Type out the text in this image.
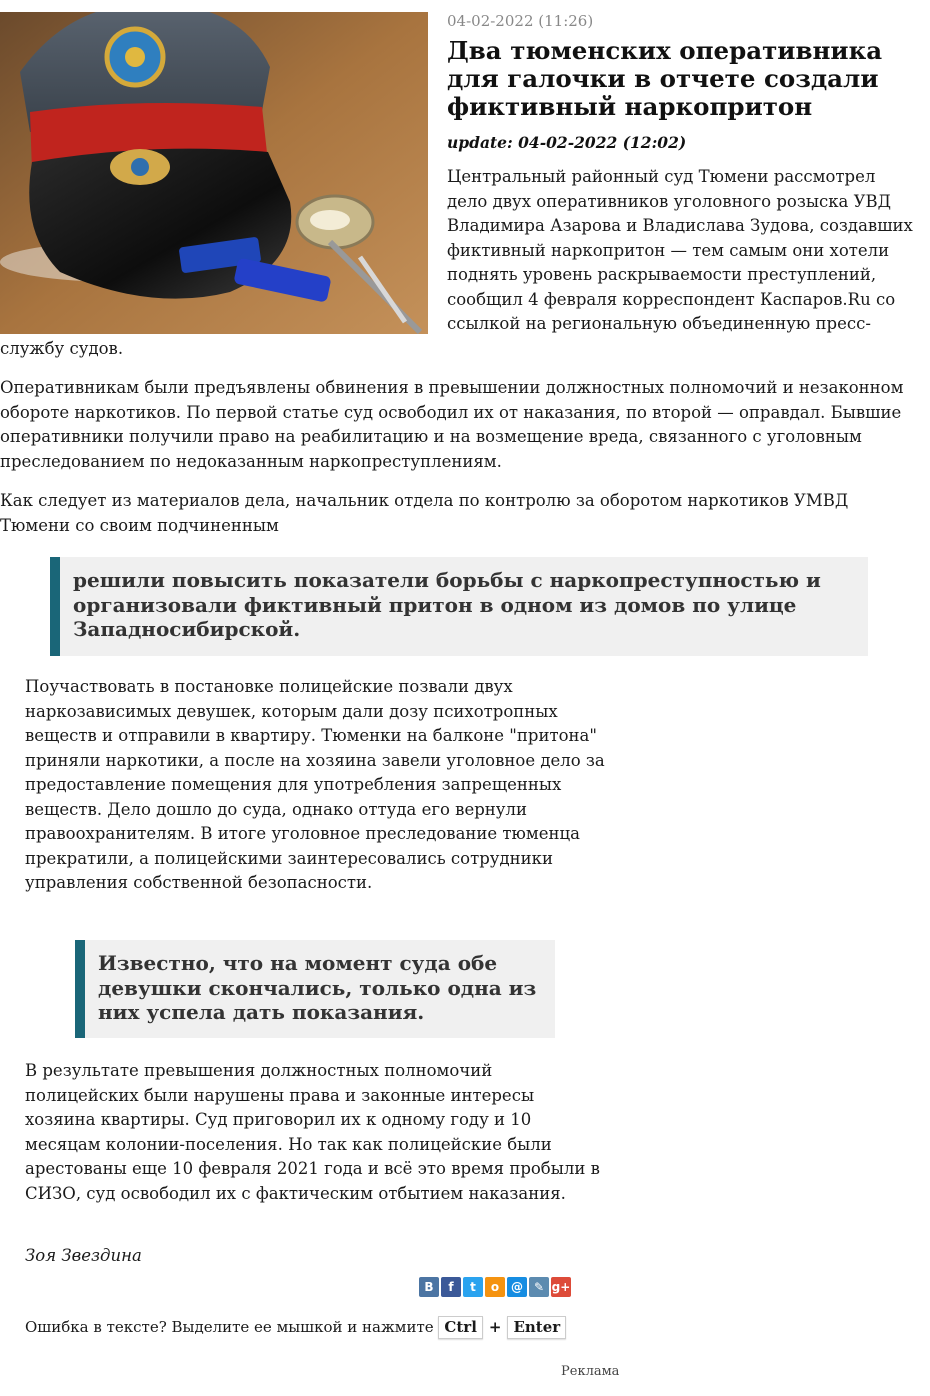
04-02-2022 (11:26)

Два тюменских оперативника для галочки в отчете создали фиктивный наркопритон

update: 04-02-2022 (12:02)

Центральный районный суд Тюмени рассмотрел дело двух оперативников уголовного розыска УВД Владимира Азарова и Владислава Зудова, создавших фиктивный наркопритон — тем самым они хотели поднять уровень раскрываемости преступлений, сообщил 4 февраля корреспондент Каспаров.Ru со ссылкой на региональную объединенную пресс-службу судов.

Оперативникам были предъявлены обвинения в превышении должностных полномочий и незаконном обороте наркотиков. По первой статье суд освободил их от наказания, по второй — оправдал. Бывшие оперативники получили право на реабилитацию и на возмещение вреда, связанного с уголовным преследованием по недоказанным наркопреступлениям.

Как следует из материалов дела, начальник отдела по контролю за оборотом наркотиков УМВД Тюмени со своим подчиненным

решили повысить показатели борьбы с наркопреступностью и организовали фиктивный притон в одном из домов по улице Западносибирской.

Поучаствовать в постановке полицейские позвали двух наркозависимых девушек, которым дали дозу психотропных веществ и отправили в квартиру. Тюменки на балконе "притона" приняли наркотики, а после на хозяина завели уголовное дело за предоставление помещения для употребления запрещенных веществ. Дело дошло до суда, однако оттуда его вернули правоохранителям. В итоге уголовное преследование тюменца прекратили, а полицейскими заинтересовались сотрудники управления собственной безопасности.

Известно, что на момент суда обе девушки скончались, только одна из них успела дать показания.

В результате превышения должностных полномочий полицейских были нарушены права и законные интересы хозяина квартиры. Суд приговорил их к одному году и 10 месяцам колонии-поселения. Но так как полицейские были арестованы еще 10 февраля 2021 года и всё это время пробыли в СИЗО, суд освободил их с фактическим отбытием наказания.

Зоя Звездина

В f t о @ ✎ g+
Ошибка в тексте? Выделите ее мышкой и нажмите Ctrl + Enter
Реклама
